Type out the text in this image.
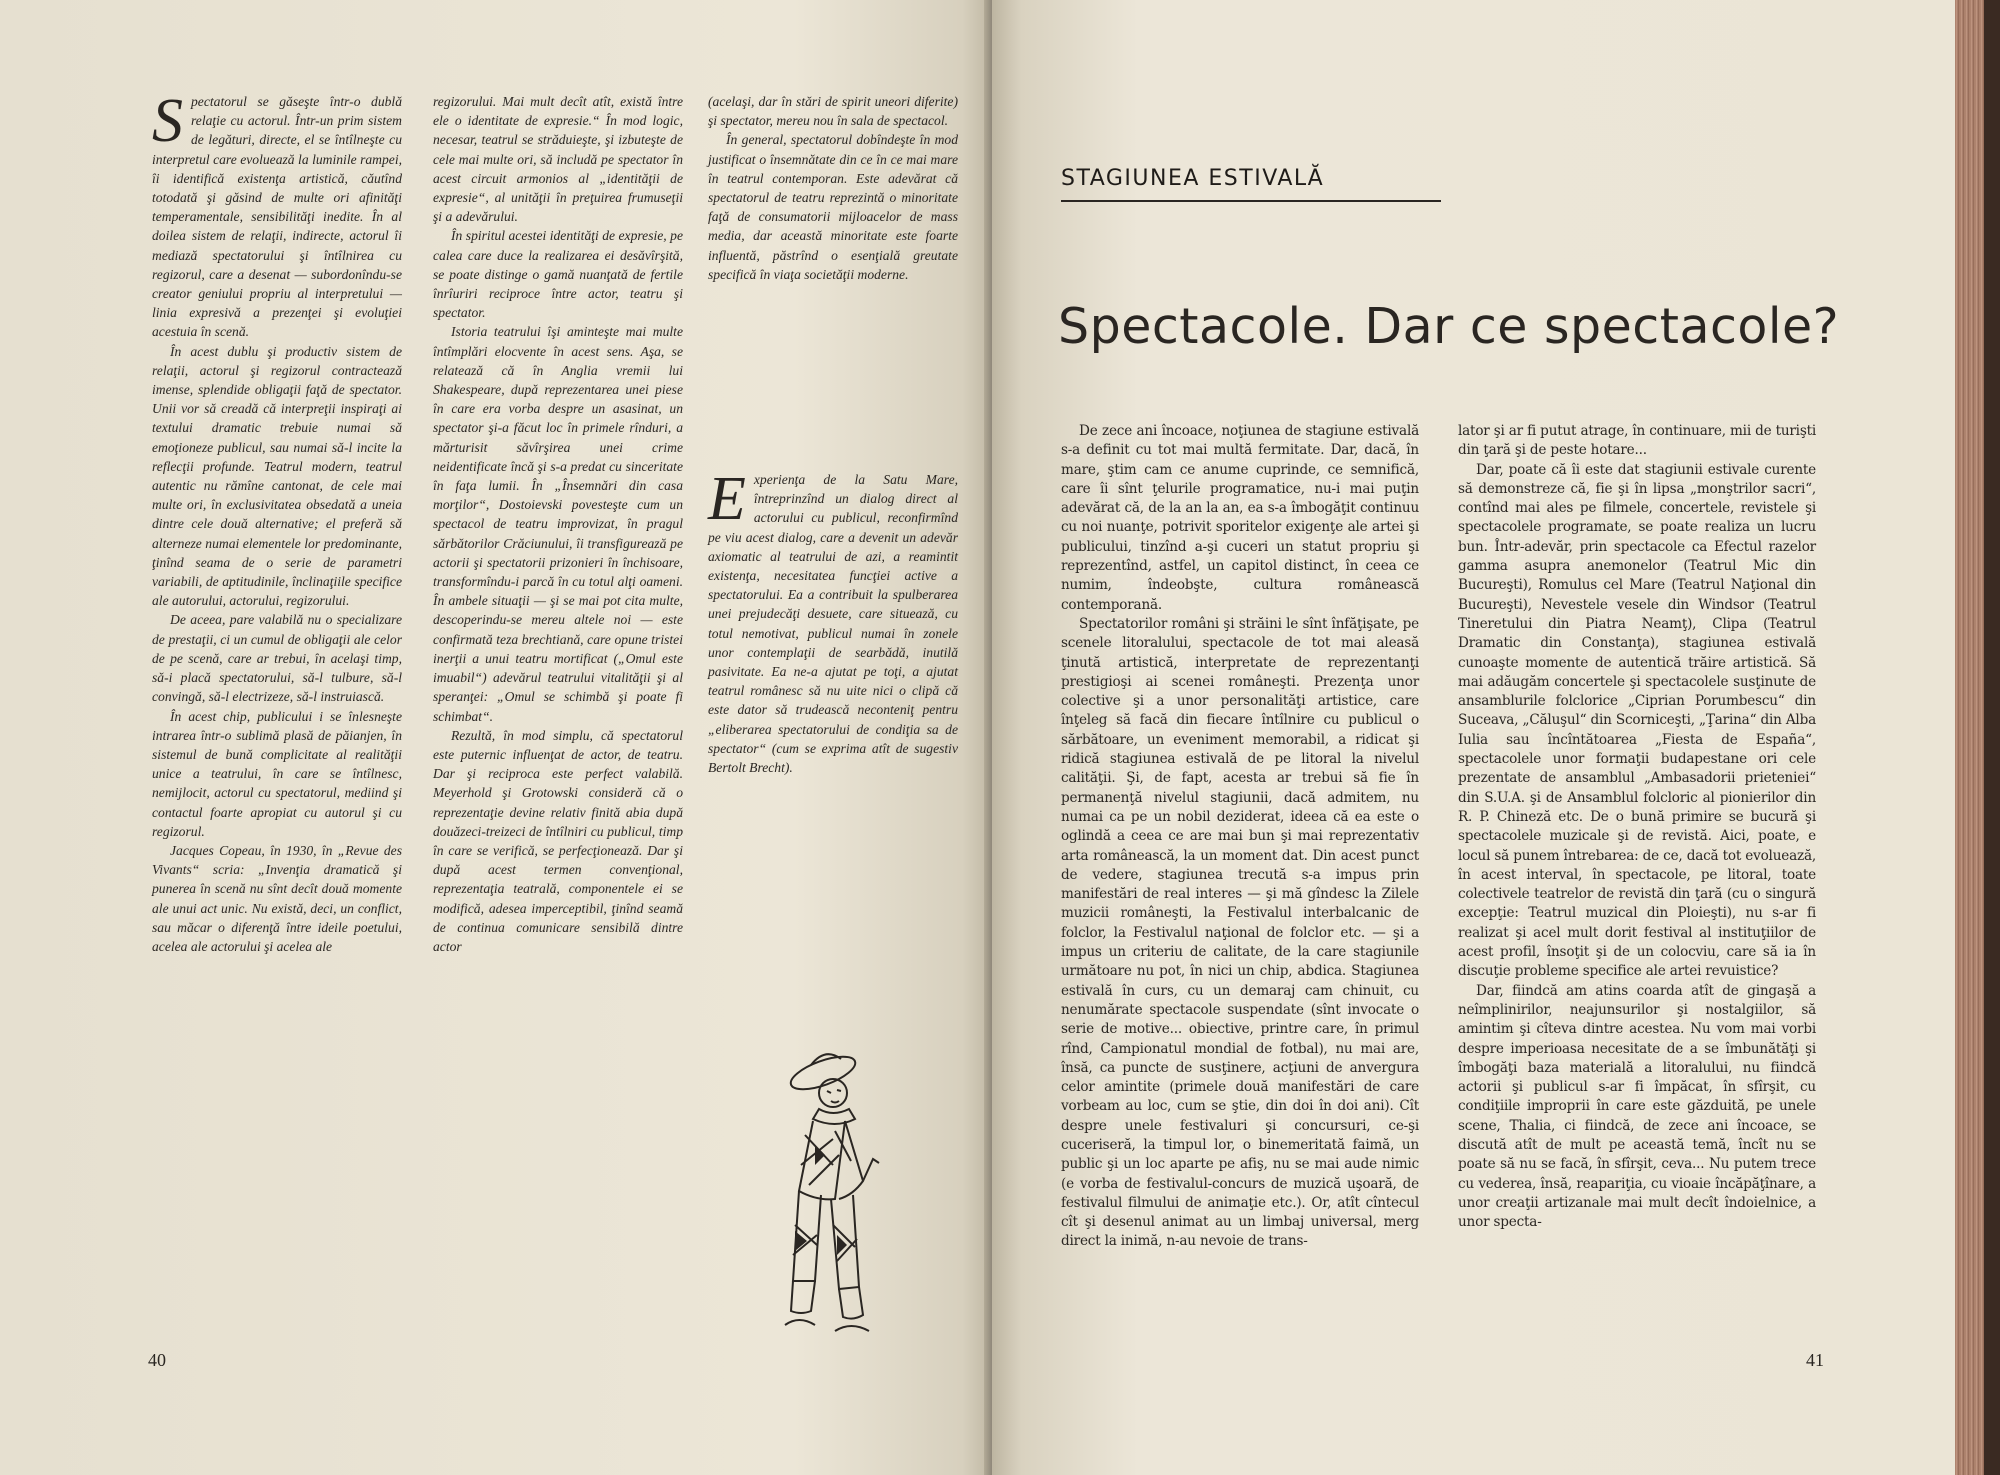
S pectatorul se găseşte într-o dublă relaţie cu actorul. Într-un prim sistem de legături, directe, el se întîlneşte cu interpretul care evoluează la luminile rampei, îi identifică existenţa artistică, căutînd totodată şi găsind de multe ori afinităţi temperamentale, sensibilităţi inedite. În al doilea sistem de relaţii, indirecte, actorul îi mediază spectatorului şi întîlnirea cu regizorul, care a desenat — subordonîndu-se creator geniului propriu al interpretului — linia expresivă a prezenţei şi evoluţiei acestuia în scenă.

În acest dublu şi productiv sistem de relaţii, actorul şi regizorul contractează imense, splendide obligaţii faţă de spectator. Unii vor să creadă că interpreţii inspiraţi ai textului dramatic trebuie numai să emoţioneze publicul, sau numai să-l incite la reflecţii profunde. Teatrul modern, teatrul autentic nu rămîne cantonat, de cele mai multe ori, în exclusivitatea obsedată a uneia dintre cele două alternative; el preferă să alterneze numai elementele lor predominante, ţinînd seama de o serie de parametri variabili, de aptitudinile, înclinaţiile specifice ale autorului, actorului, regizorului.

De aceea, pare valabilă nu o specializare de prestaţii, ci un cumul de obligaţii ale celor de pe scenă, care ar trebui, în acelaşi timp, să-i placă spectatorului, să-l tulbure, să-l convingă, să-l electrizeze, să-l instruiască.

În acest chip, publicului i se înlesneşte intrarea într-o sublimă plasă de păianjen, în sistemul de bună complicitate al realităţii unice a teatrului, în care se întîlnesc, nemijlocit, actorul cu spectatorul, mediind şi contactul foarte apropiat cu autorul şi cu regizorul.

Jacques Copeau, în 1930, în „Revue des Vivants“ scria: „Invenţia dramatică şi punerea în scenă nu sînt decît două momente ale unui act unic. Nu există, deci, un conflict, sau măcar o diferenţă între ideile poetului, acelea ale actorului şi acelea ale

regizorului. Mai mult decît atît, există între ele o identitate de expresie.“ În mod logic, necesar, teatrul se străduieşte, şi izbuteşte de cele mai multe ori, să includă pe spectator în acest circuit armonios al „identităţii de expresie“, al unităţii în preţuirea frumuseţii şi a adevărului.

În spiritul acestei identităţi de expresie, pe calea care duce la realizarea ei desăvîrşită, se poate distinge o gamă nuanţată de fertile înrîuriri reciproce între actor, teatru şi spectator.

Istoria teatrului îşi aminteşte mai multe întîmplări elocvente în acest sens. Aşa, se relatează că în Anglia vremii lui Shakespeare, după reprezentarea unei piese în care era vorba despre un asasinat, un spectator şi-a făcut loc în primele rînduri, a mărturisit săvîrşirea unei crime neidentificate încă şi s-a predat cu sinceritate în faţa lumii. În „Însemnări din casa morţilor“, Dostoievski povesteşte cum un spectacol de teatru improvizat, în pragul sărbătorilor Crăciunului, îi transfigurează pe actorii şi spectatorii prizonieri în închisoare, transformîndu-i parcă în cu totul alţi oameni. În ambele situaţii — şi se mai pot cita multe, descoperindu-se mereu altele noi — este confirmată teza brechtiană, care opune tristei inerţii a unui teatru mortificat („Omul este imuabil“) adevărul teatrului vitalităţii şi al speranţei: „Omul se schimbă şi poate fi schimbat“.

Rezultă, în mod simplu, că spectatorul este puternic influenţat de actor, de teatru. Dar şi reciproca este perfect valabilă. Meyerhold şi Grotowski consideră că o reprezentaţie devine relativ finită abia după douăzeci-treizeci de întîlniri cu publicul, timp în care se verifică, se perfecţionează. Dar şi după acest termen convenţional, reprezentaţia teatrală, componentele ei se modifică, adesea imperceptibil, ţinînd seamă de continua comunicare sensibilă dintre actor

(acelaşi, dar în stări de spirit uneori diferite) şi spectator, mereu nou în sala de spectacol.

În general, spectatorul dobîndeşte în mod justificat o însemnătate din ce în ce mai mare în teatrul contemporan. Este adevărat că spectatorul de teatru reprezintă o minoritate faţă de consumatorii mijloacelor de mass media, dar această minoritate este foarte influentă, păstrînd o esenţială greutate specifică în viaţa societăţii moderne.

E xperienţa de la Satu Mare, întreprinzînd un dialog direct al actorului cu publicul, reconfirmînd pe viu acest dialog, care a devenit un adevăr axiomatic al teatrului de azi, a reamintit existenţa, necesitatea funcţiei active a spectatorului. Ea a contribuit la spulberarea unei prejudecăţi desuete, care situează, cu totul nemotivat, publicul numai în zonele unor contemplaţii de searbădă, inutilă pasivitate. Ea ne-a ajutat pe toţi, a ajutat teatrul românesc să nu uite nici o clipă că este dator să trudească neconteniţ pentru „eliberarea spectatorului de condiţia sa de spectator“ (cum se exprima atît de sugestiv Bertolt Brecht).

40
STAGIUNEA ESTIVALĂ
Spectacole. Dar ce spectacole?

De zece ani încoace, noţiunea de stagiune estivală s-a definit cu tot mai multă fermitate. Dar, dacă, în mare, ştim cam ce anume cuprinde, ce semnifică, care îi sînt ţelurile programatice, nu-i mai puţin adevărat că, de la an la an, ea s-a îmbogăţit continuu cu noi nuanţe, potrivit sporitelor exigenţe ale artei şi publicului, tinzînd a-şi cuceri un statut propriu şi reprezentînd, astfel, un capitol distinct, în ceea ce numim, îndeobşte, cultura românească contemporană.

Spectatorilor români şi străini le sînt înfăţişate, pe scenele litoralului, spectacole de tot mai aleasă ţinută artistică, interpretate de reprezentanţi prestigioşi ai scenei româneşti. Prezenţa unor colective şi a unor personalităţi artistice, care înţeleg să facă din fiecare întîlnire cu publicul o sărbătoare, un eveniment memorabil, a ridicat şi ridică stagiunea estivală de pe litoral la nivelul calităţii. Şi, de fapt, acesta ar trebui să fie în permanenţă nivelul stagiunii, dacă admitem, nu numai ca pe un nobil deziderat, ideea că ea este o oglindă a ceea ce are mai bun şi mai reprezentativ arta românească, la un moment dat. Din acest punct de vedere, stagiunea trecută s-a impus prin manifestări de real interes — şi mă gîndesc la Zilele muzicii româneşti, la Festivalul interbalcanic de folclor, la Festivalul naţional de folclor etc. — şi a impus un criteriu de calitate, de la care stagiunile următoare nu pot, în nici un chip, abdica. Stagiunea estivală în curs, cu un demaraj cam chinuit, cu nenumărate spectacole suspendate (sînt invocate o serie de motive... obiective, printre care, în primul rînd, Campionatul mondial de fotbal), nu mai are, însă, ca puncte de susţinere, acţiuni de anvergura celor amintite (primele două manifestări de care vorbeam au loc, cum se ştie, din doi în doi ani). Cît despre unele festivaluri şi concursuri, ce-şi cuceriseră, la timpul lor, o binemeritată faimă, un public şi un loc aparte pe afiş, nu se mai aude nimic (e vorba de festivalul-concurs de muzică uşoară, de festivalul filmului de animaţie etc.). Or, atît cîntecul cît şi desenul animat au un limbaj universal, merg direct la inimă, n-au nevoie de trans-

lator şi ar fi putut atrage, în continuare, mii de turişti din ţară şi de peste hotare...

Dar, poate că îi este dat stagiunii estivale curente să demonstreze că, fie şi în lipsa „monştrilor sacri“, contînd mai ales pe filmele, concertele, revistele şi spectacolele programate, se poate realiza un lucru bun. Într-adevăr, prin spectacole ca Efectul razelor gamma asupra anemonelor (Teatrul Mic din Bucureşti), Romulus cel Mare (Teatrul Naţional din Bucureşti), Nevestele vesele din Windsor (Teatrul Tineretului din Piatra Neamţ), Clipa (Teatrul Dramatic din Constanţa), stagiunea estivală cunoaşte momente de autentică trăire artistică. Să mai adăugăm concertele şi spectacolele susţinute de ansamblurile folclorice „Ciprian Porumbescu“ din Suceava, „Căluşul“ din Scorniceşti, „Ţarina“ din Alba Iulia sau încîntătoarea „Fiesta de España“, spectacolele unor formaţii budapestane ori cele prezentate de ansamblul „Ambasadorii prieteniei“ din S.U.A. şi de Ansamblul folcloric al pionierilor din R. P. Chineză etc. De o bună primire se bucură şi spectacolele muzicale şi de revistă. Aici, poate, e locul să punem întrebarea: de ce, dacă tot evoluează, în acest interval, în spectacole, pe litoral, toate colectivele teatrelor de revistă din ţară (cu o singură excepţie: Teatrul muzical din Ploieşti), nu s-ar fi realizat şi acel mult dorit festival al instituţiilor de acest profil, însoţit şi de un colocviu, care să ia în discuţie probleme specifice ale artei revuistice?

Dar, fiindcă am atins coarda atît de gingaşă a neîmplinirilor, neajunsurilor şi nostalgiilor, să amintim şi cîteva dintre acestea. Nu vom mai vorbi despre imperioasa necesitate de a se îmbunătăţi şi îmbogăţi baza materială a litoralului, nu fiindcă actorii şi publicul s-ar fi împăcat, în sfîrşit, cu condiţiile improprii în care este găzduită, pe unele scene, Thalia, ci fiindcă, de zece ani încoace, se discută atît de mult pe această temă, încît nu se poate să nu se facă, în sfîrşit, ceva... Nu putem trece cu vederea, însă, reapariţia, cu vioaie încăpăţînare, a unor creaţii artizanale mai mult decît îndoielnice, a unor specta-

41
